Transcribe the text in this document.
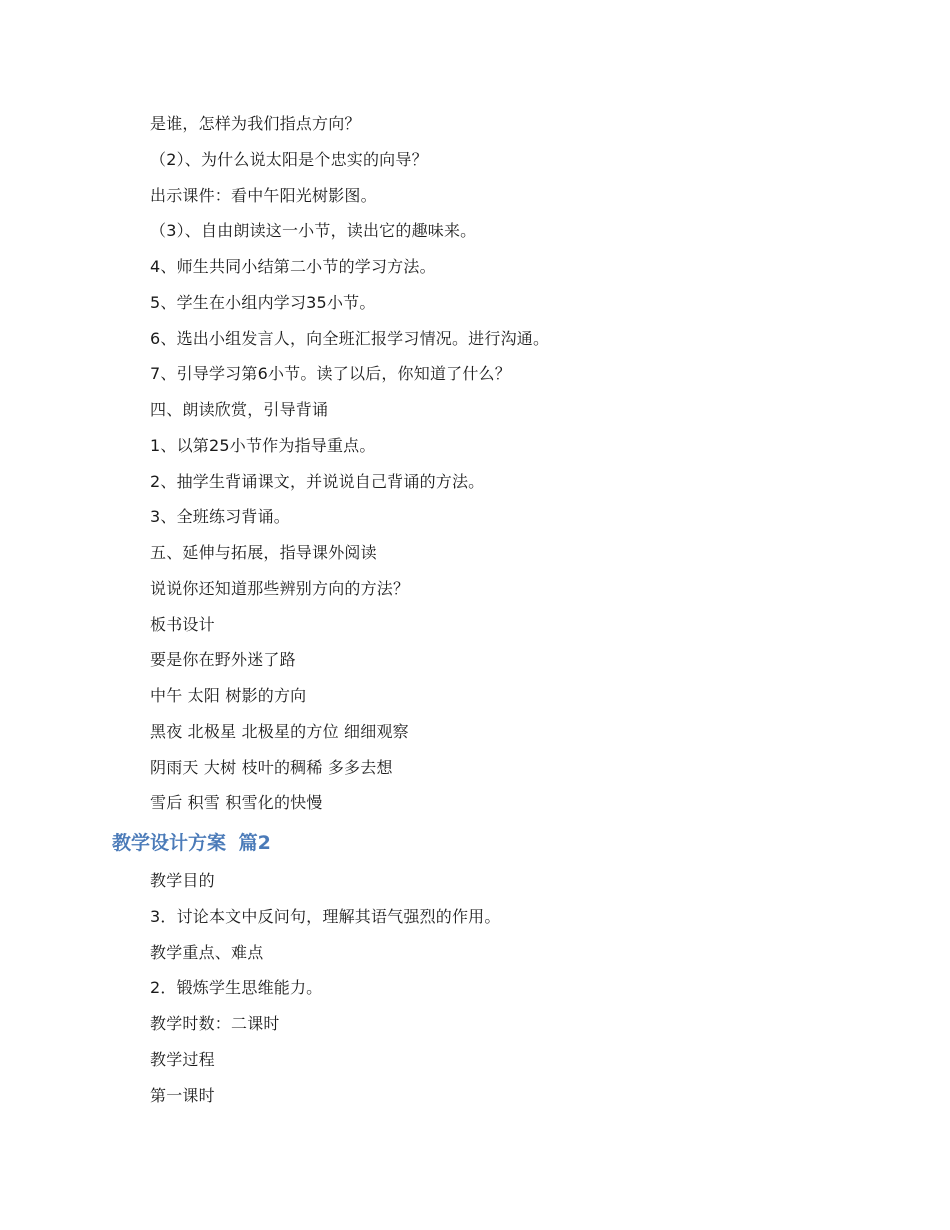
是谁，怎样为我们指点方向？
（2）、为什么说太阳是个忠实的向导？
出示课件：看中午阳光树影图。
（3）、自由朗读这一小节，读出它的趣味来。
4、师生共同小结第二小节的学习方法。
5、学生在小组内学习35小节。
6、选出小组发言人，向全班汇报学习情况。进行沟通。
7、引导学习第6小节。读了以后，你知道了什么？
四、朗读欣赏，引导背诵
1、以第25小节作为指导重点。
2、抽学生背诵课文，并说说自己背诵的方法。
3、全班练习背诵。
五、延伸与拓展，指导课外阅读
说说你还知道那些辨别方向的方法？
板书设计
要是你在野外迷了路
中午 太阳 树影的方向
黑夜 北极星 北极星的方位 细细观察
阴雨天 大树 枝叶的稠稀 多多去想
雪后 积雪 积雪化的快慢
教学设计方案 篇2
教学目的
3．讨论本文中反问句，理解其语气强烈的作用。
教学重点、难点
2．锻炼学生思维能力。
教学时数：二课时
教学过程
第一课时
